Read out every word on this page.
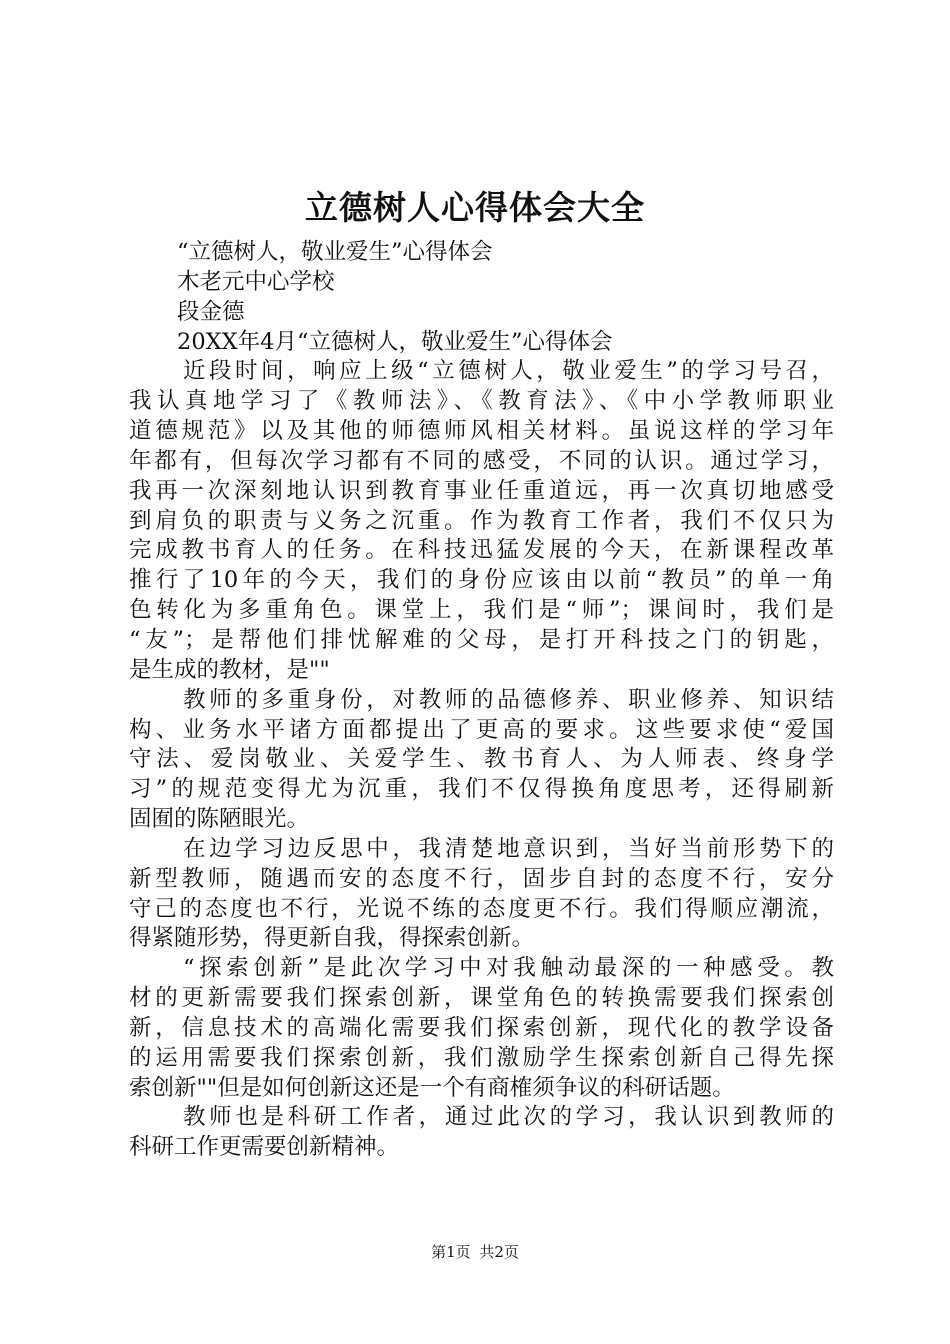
立德树人心得体会大全
“立德树人，敬业爱生”心得体会
木老元中心学校
段金德
20XX年4月“立德树人，敬业爱生”心得体会
近段时间，响应上级“立德树人，敬业爱生”的学习号召，
我认真地学习了《教师法》、《教育法》、《中小学教师职业
道德规范》以及其他的师德师风相关材料。虽说这样的学习年
年都有，但每次学习都有不同的感受，不同的认识。通过学习，
我再一次深刻地认识到教育事业任重道远，再一次真切地感受
到肩负的职责与义务之沉重。作为教育工作者，我们不仅只为
完成教书育人的任务。在科技迅猛发展的今天，在新课程改革
推行了10年的今天，我们的身份应该由以前“教员”的单一角
色转化为多重角色。课堂上，我们是“师”；课间时，我们是
“友”；是帮他们排忧解难的父母，是打开科技之门的钥匙，
是生成的教材，是""
教师的多重身份，对教师的品德修养、职业修养、知识结
构、业务水平诸方面都提出了更高的要求。这些要求使“爱国
守法、爱岗敬业、关爱学生、教书育人、为人师表、终身学
习”的规范变得尤为沉重，我们不仅得换角度思考，还得刷新
固囿的陈陋眼光。
在边学习边反思中，我清楚地意识到，当好当前形势下的
新型教师，随遇而安的态度不行，固步自封的态度不行，安分
守己的态度也不行，光说不练的态度更不行。我们得顺应潮流，
得紧随形势，得更新自我，得探索创新。
“探索创新”是此次学习中对我触动最深的一种感受。教
材的更新需要我们探索创新，课堂角色的转换需要我们探索创
新，信息技术的高端化需要我们探索创新，现代化的教学设备
的运用需要我们探索创新，我们激励学生探索创新自己得先探
索创新""但是如何创新这还是一个有商榷须争议的科研话题。
教师也是科研工作者，通过此次的学习，我认识到教师的
科研工作更需要创新精神。
第1页 共2页
